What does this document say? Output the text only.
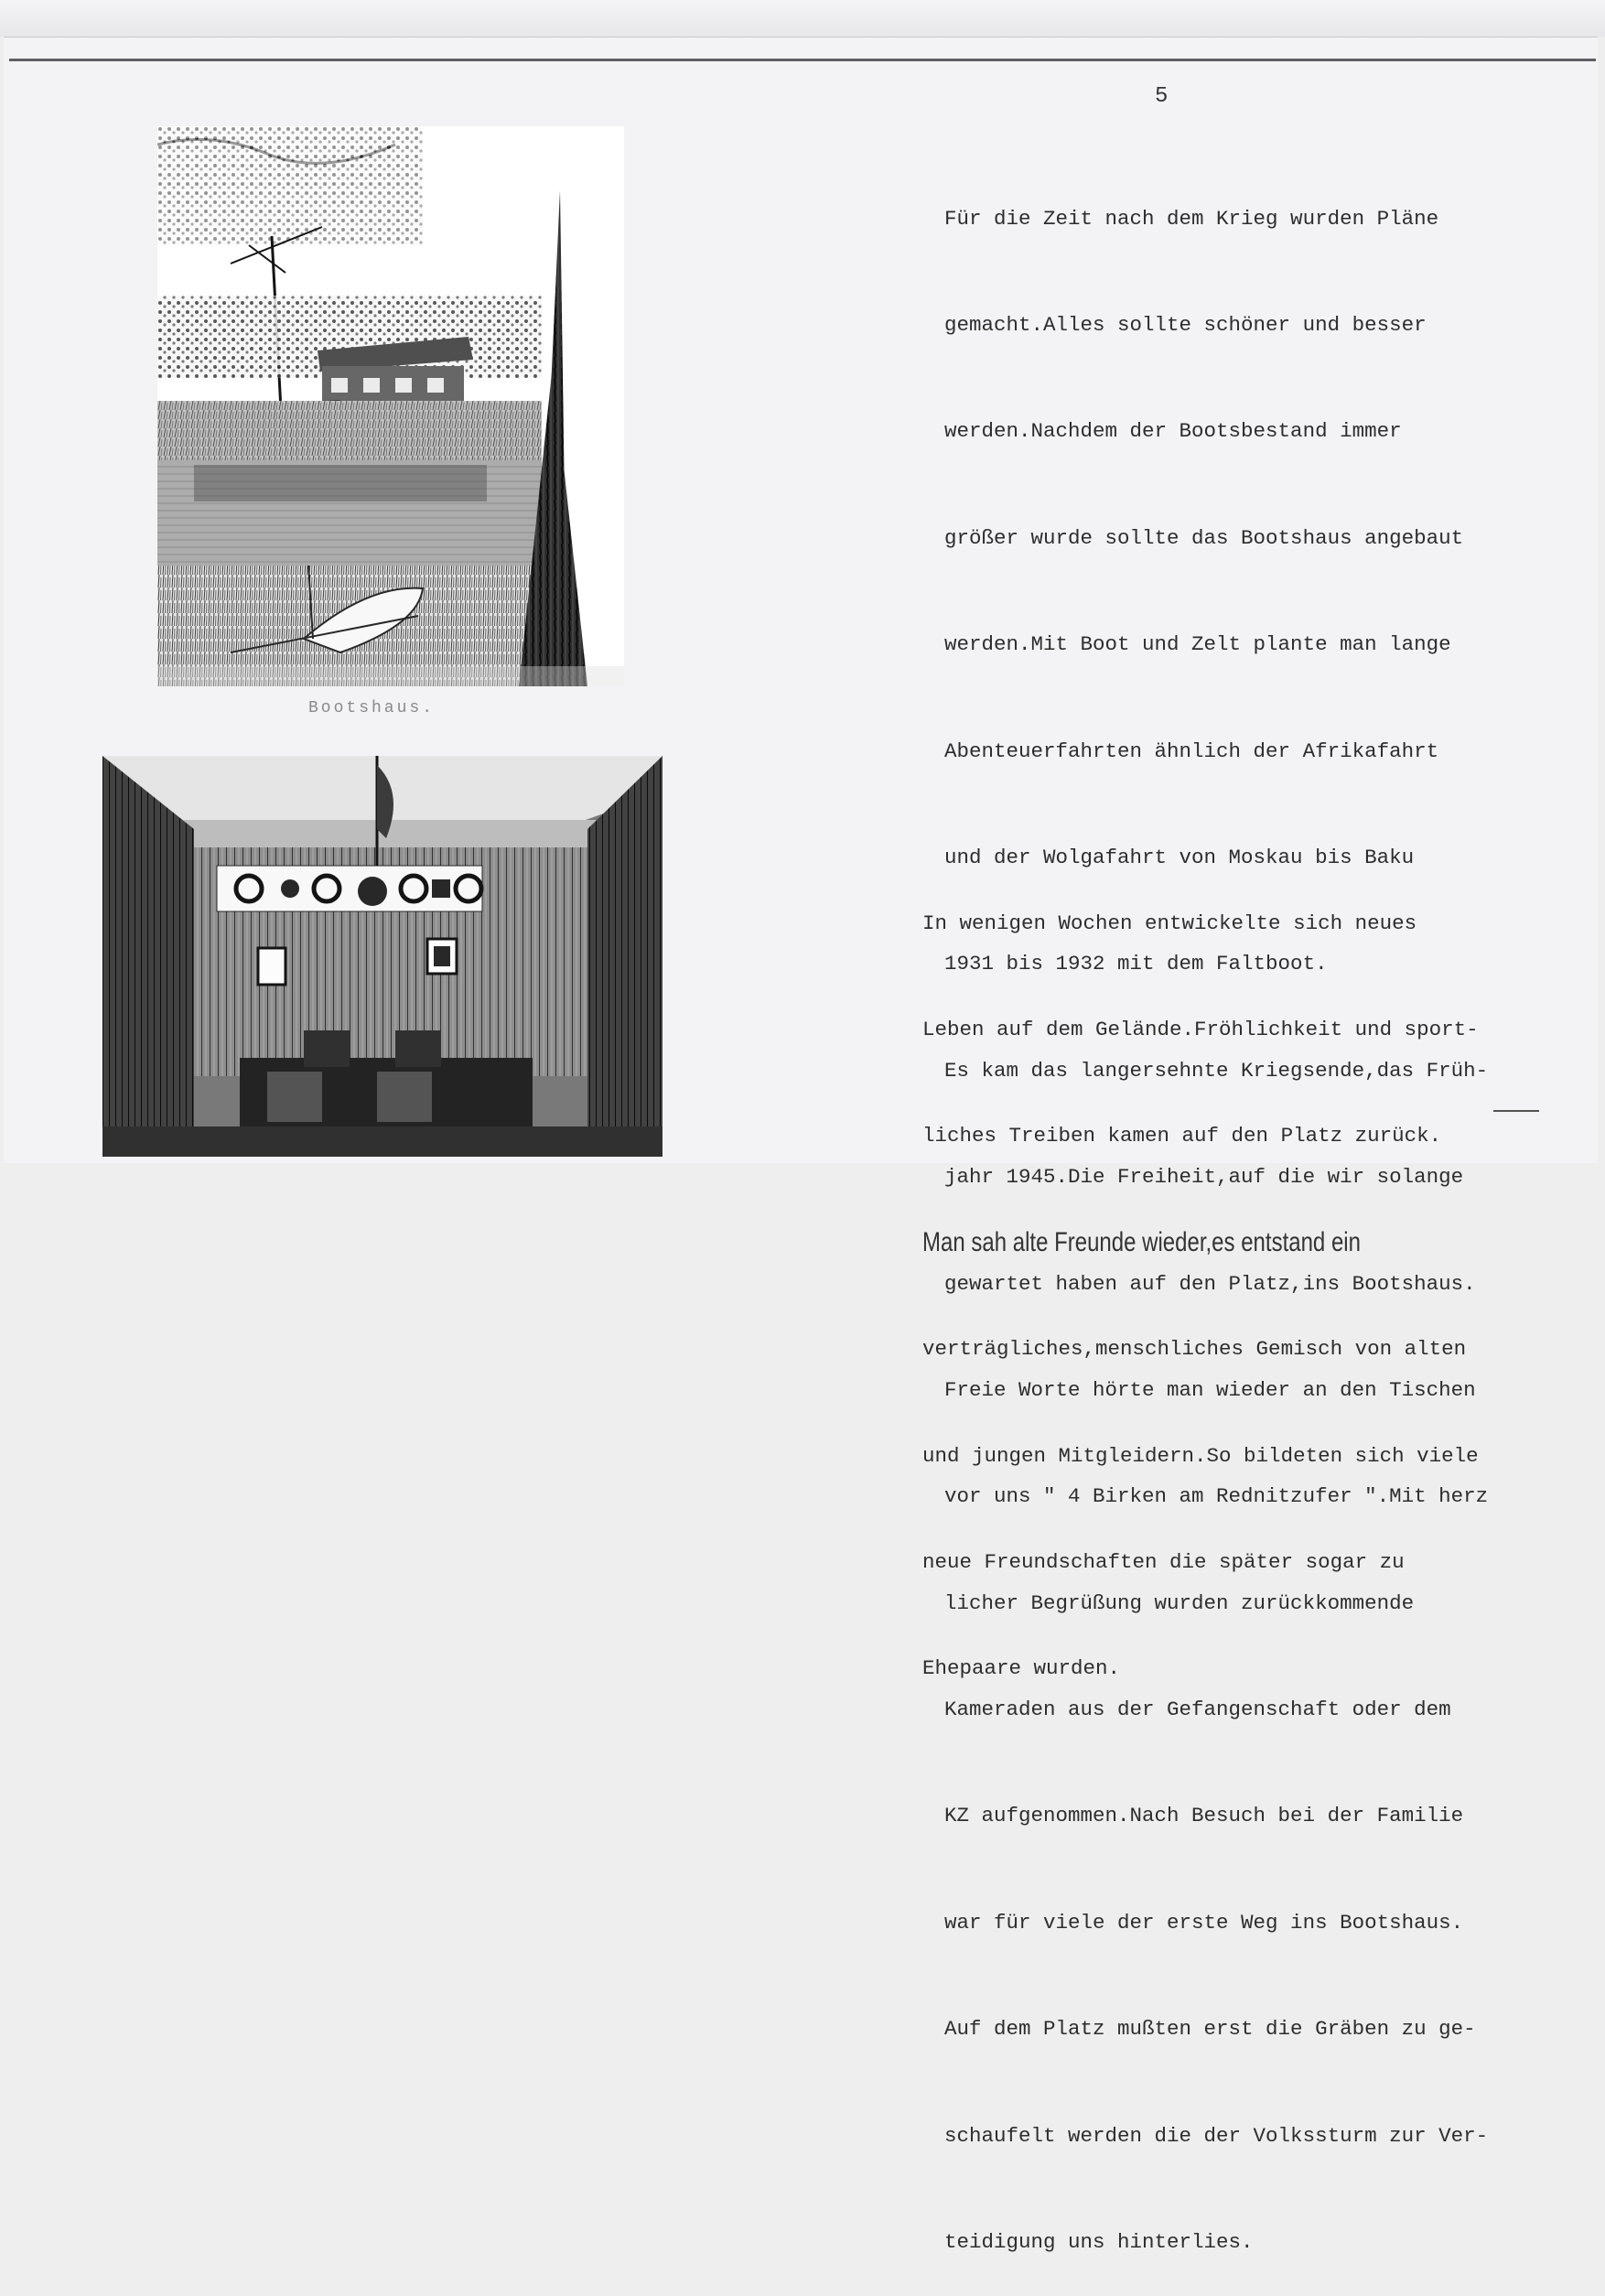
5
Bootshaus.

Für die Zeit nach dem Krieg wurden Pläne

gemacht.Alles sollte schöner und besser

werden.Nachdem der Bootsbestand immer

größer wurde sollte das Bootshaus angebaut

werden.Mit Boot und Zelt plante man lange

Abenteuerfahrten ähnlich der Afrikafahrt

und der Wolgafahrt von Moskau bis Baku

1931 bis 1932 mit dem Faltboot.

Es kam das langersehnte Kriegsende,das Früh-

jahr 1945.Die Freiheit,auf die wir solange

gewartet haben auf den Platz,ins Bootshaus.

Freie Worte hörte man wieder an den Tischen

vor uns " 4 Birken am Rednitzufer ".Mit herz

licher Begrüßung wurden zurückkommende

Kameraden aus der Gefangenschaft oder dem

KZ aufgenommen.Nach Besuch bei der Familie

war für viele der erste Weg ins Bootshaus.

Auf dem Platz mußten erst die Gräben zu ge-

schaufelt werden die der Volkssturm zur Ver-

teidigung uns hinterlies.

In wenigen Wochen entwickelte sich neues

Leben auf dem Gelände.Fröhlichkeit und sport-

liches Treiben kamen auf den Platz zurück.

Man sah alte Freunde wieder,es entstand ein

verträgliches,menschliches Gemisch von alten

und jungen Mitgleidern.So bildeten sich viele

neue Freundschaften die später sogar zu

Ehepaare wurden.
